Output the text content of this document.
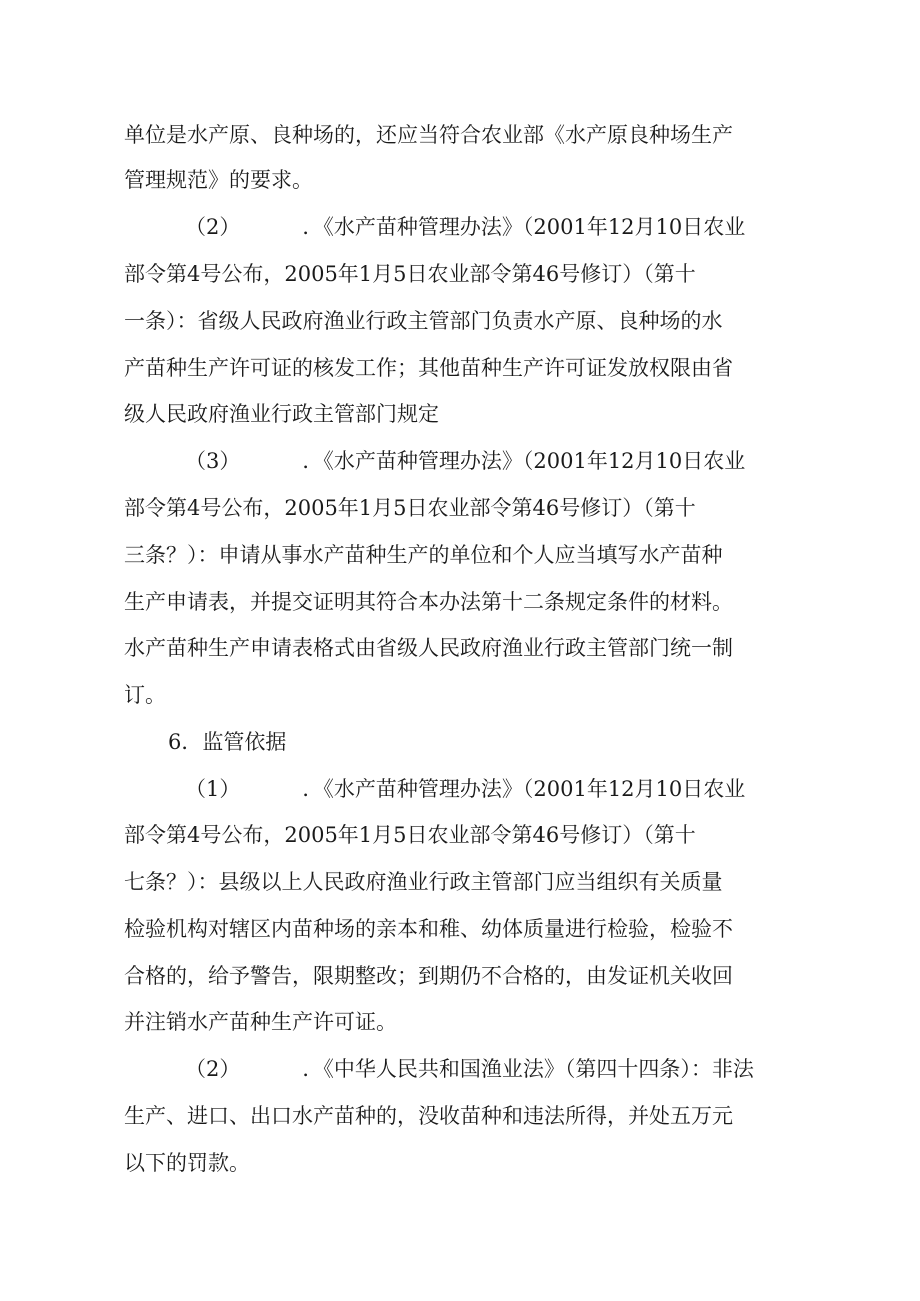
单位是水产原、良种场的，还应当符合农业部《水产原良种场生产
管理规范》的要求。
（2）	．《水产苗种管理办法》（2001年12月10日农业
部令第4号公布，2005年1月5日农业部令第46号修订）（第十
一条）：省级人民政府渔业行政主管部门负责水产原、良种场的水
产苗种生产许可证的核发工作；其他苗种生产许可证发放权限由省
级人民政府渔业行政主管部门规定
（3）	．《水产苗种管理办法》（2001年12月10日农业
部令第4号公布，2005年1月5日农业部令第46号修订）（第十
三条？）：申请从事水产苗种生产的单位和个人应当填写水产苗种
生产申请表，并提交证明其符合本办法第十二条规定条件的材料。
水产苗种生产申请表格式由省级人民政府渔业行政主管部门统一制
订。
6．监管依据
（1）	．《水产苗种管理办法》（2001年12月10日农业
部令第4号公布，2005年1月5日农业部令第46号修订）（第十
七条？）：县级以上人民政府渔业行政主管部门应当组织有关质量
检验机构对辖区内苗种场的亲本和稚、幼体质量进行检验，检验不
合格的，给予警告，限期整改；到期仍不合格的，由发证机关收回
并注销水产苗种生产许可证。
（2）	．《中华人民共和国渔业法》（第四十四条）：非法
生产、进口、出口水产苗种的，没收苗种和违法所得，并处五万元
以下的罚款。
